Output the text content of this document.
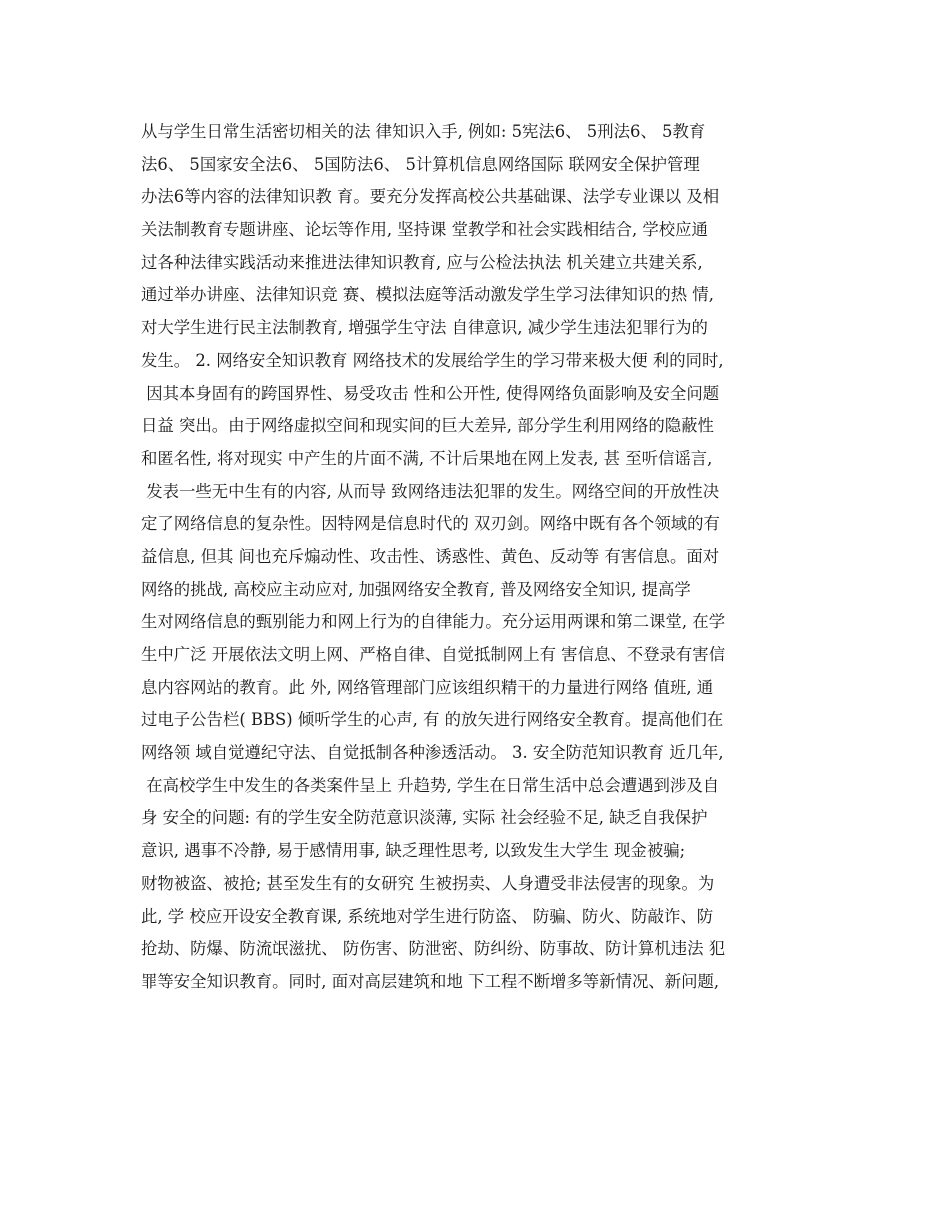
从与学生日常生活密切相关的法 律知识入手, 例如: 5宪法6、 5刑法6、 5教育
法6、 5国家安全法6、 5国防法6、 5计算机信息网络国际 联网安全保护管理
办法6等内容的法律知识教 育。要充分发挥高校公共基础课、法学专业课以 及相
关法制教育专题讲座、论坛等作用, 坚持课 堂教学和社会实践相结合, 学校应通
过各种法律实践活动来推进法律知识教育, 应与公检法执法 机关建立共建关系,
通过举办讲座、法律知识竞 赛、模拟法庭等活动激发学生学习法律知识的热 情,
对大学生进行民主法制教育, 增强学生守法 自律意识, 减少学生违法犯罪行为的
发生。 2. 网络安全知识教育 网络技术的发展给学生的学习带来极大便 利的同时,
因其本身固有的跨国界性、易受攻击 性和公开性, 使得网络负面影响及安全问题
日益 突出。由于网络虚拟空间和现实间的巨大差异, 部分学生利用网络的隐蔽性
和匿名性, 将对现实 中产生的片面不满, 不计后果地在网上发表, 甚 至听信谣言,
发表一些无中生有的内容, 从而导 致网络违法犯罪的发生。网络空间的开放性决
定了网络信息的复杂性。因特网是信息时代的 双刃剑。网络中既有各个领域的有
益信息, 但其 间也充斥煽动性、攻击性、诱惑性、黄色、反动等 有害信息。面对
网络的挑战, 高校应主动应对, 加强网络安全教育, 普及网络安全知识, 提高学
生对网络信息的甄别能力和网上行为的自律能力。充分运用两课和第二课堂, 在学
生中广泛 开展依法文明上网、严格自律、自觉抵制网上有 害信息、不登录有害信
息内容网站的教育。此 外, 网络管理部门应该组织精干的力量进行网络 值班, 通
过电子公告栏( BBS) 倾听学生的心声, 有 的放矢进行网络安全教育。提高他们在
网络领 域自觉遵纪守法、自觉抵制各种渗透活动。 3. 安全防范知识教育 近几年,
在高校学生中发生的各类案件呈上 升趋势, 学生在日常生活中总会遭遇到涉及自
身 安全的问题: 有的学生安全防范意识淡薄, 实际 社会经验不足, 缺乏自我保护
意识, 遇事不冷静, 易于感情用事, 缺乏理性思考, 以致发生大学生 现金被骗;
财物被盗、被抢; 甚至发生有的女研究 生被拐卖、人身遭受非法侵害的现象。为
此, 学 校应开设安全教育课, 系统地对学生进行防盗、 防骗、防火、防敲诈、防
抢劫、防爆、防流氓滋扰、 防伤害、防泄密、防纠纷、防事故、防计算机违法 犯
罪等安全知识教育。同时, 面对高层建筑和地 下工程不断增多等新情况、新问题,
